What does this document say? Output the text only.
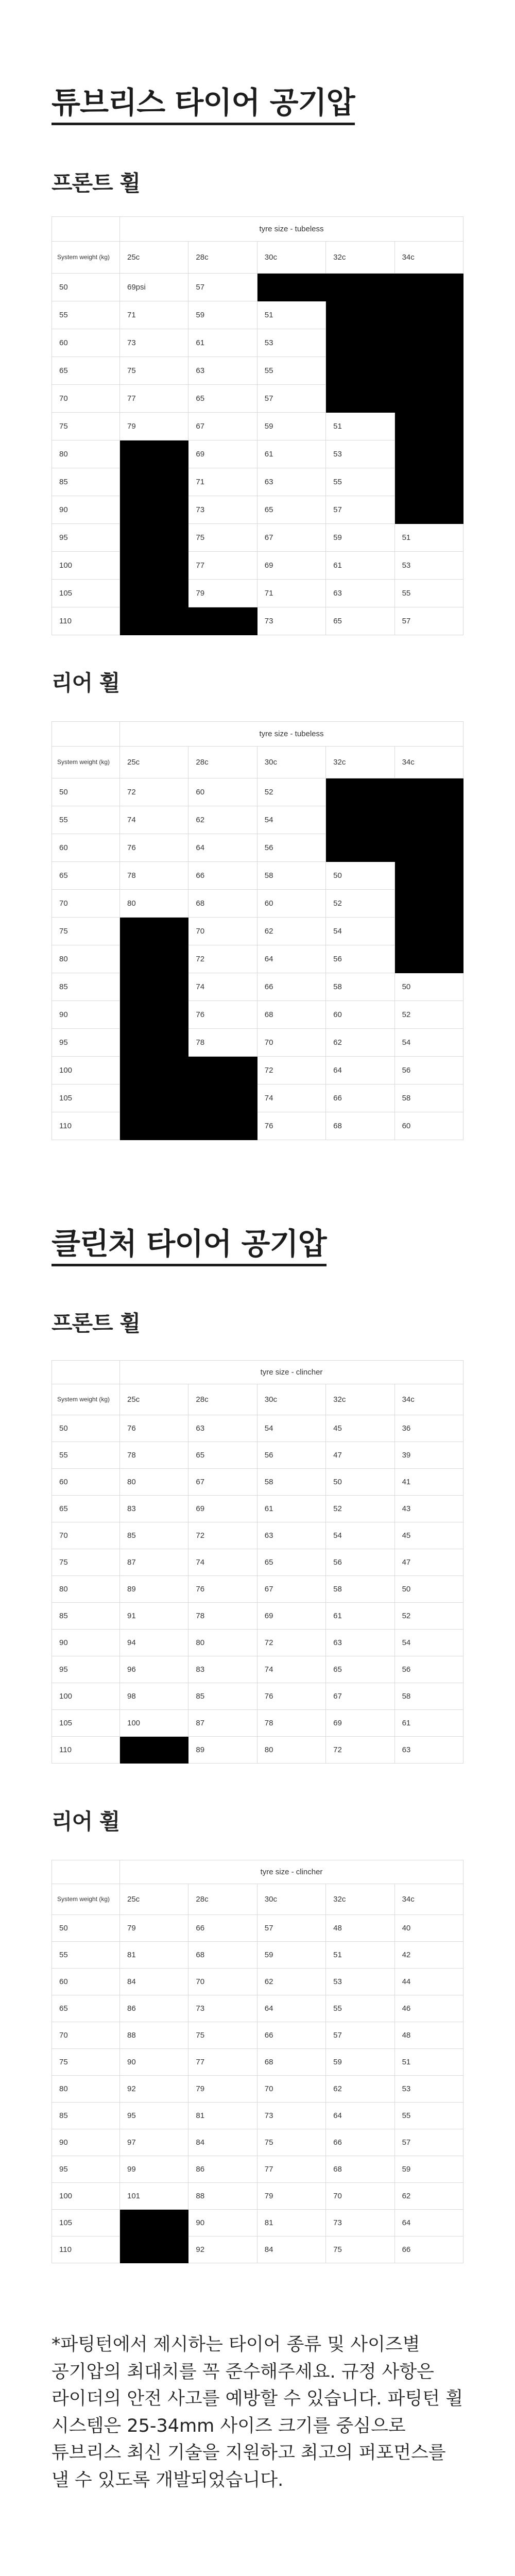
튜브리스 타이어 공기압
프론트 휠
	tyre size - tubeless				
System weight (kg)	25c	28c	30c	32c	34c
50	69psi	57			
55	71	59	51		
60	73	61	53		
65	75	63	55		
70	77	65	57		
75	79	67	59	51	
80		69	61	53	
85		71	63	55	
90		73	65	57	
95		75	67	59	51
100		77	69	61	53
105		79	71	63	55
110			73	65	57
리어 휠
	tyre size - tubeless				
System weight (kg)	25c	28c	30c	32c	34c
50	72	60	52		
55	74	62	54		
60	76	64	56		
65	78	66	58	50	
70	80	68	60	52	
75		70	62	54	
80		72	64	56	
85		74	66	58	50
90		76	68	60	52
95		78	70	62	54
100			72	64	56
105			74	66	58
110			76	68	60
클린처 타이어 공기압
프론트 휠
	tyre size - clincher				
System weight (kg)	25c	28c	30c	32c	34c
50	76	63	54	45	36
55	78	65	56	47	39
60	80	67	58	50	41
65	83	69	61	52	43
70	85	72	63	54	45
75	87	74	65	56	47
80	89	76	67	58	50
85	91	78	69	61	52
90	94	80	72	63	54
95	96	83	74	65	56
100	98	85	76	67	58
105	100	87	78	69	61
110		89	80	72	63
리어 휠
	tyre size - clincher				
System weight (kg)	25c	28c	30c	32c	34c
50	79	66	57	48	40
55	81	68	59	51	42
60	84	70	62	53	44
65	86	73	64	55	46
70	88	75	66	57	48
75	90	77	68	59	51
80	92	79	70	62	53
85	95	81	73	64	55
90	97	84	75	66	57
95	99	86	77	68	59
100	101	88	79	70	62
105		90	81	73	64
110		92	84	75	66

*파팅턴에서 제시하는 타이어 종류 및 사이즈별 공기압의 최대치를 꼭 준수해주세요. 규정 사항은 라이더의 안전 사고를 예방할 수 있습니다. 파팅턴 휠 시스템은 25-34mm 사이즈 크기를 중심으로 튜브리스 최신 기술을 지원하고 최고의 퍼포먼스를 낼 수 있도록 개발되었습니다.
